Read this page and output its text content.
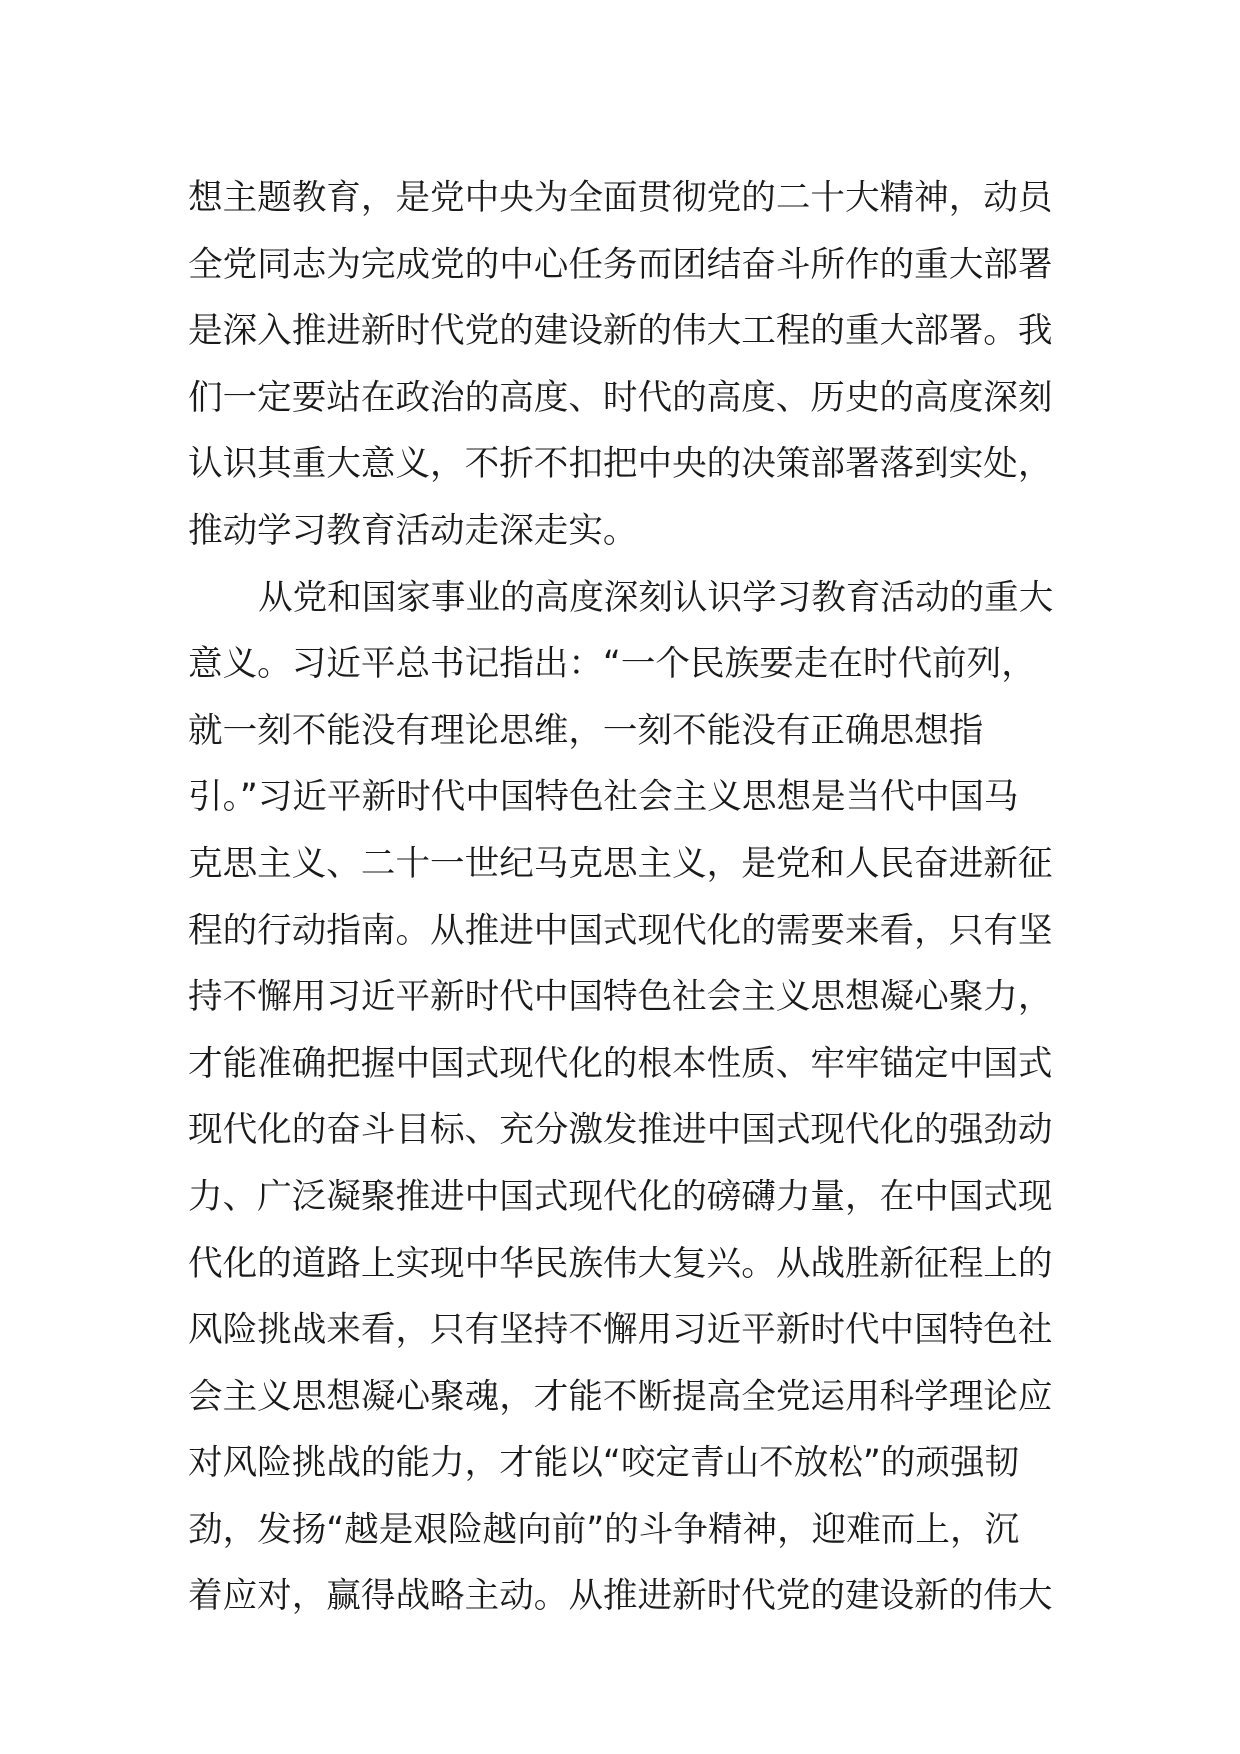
想主题教育，是党中央为全面贯彻党的二十大精神，动员
全党同志为完成党的中心任务而团结奋斗所作的重大部署
是深入推进新时代党的建设新的伟大工程的重大部署。我
们一定要站在政治的高度、时代的高度、历史的高度深刻
认识其重大意义，不折不扣把中央的决策部署落到实处，
推动学习教育活动走深走实。
从党和国家事业的高度深刻认识学习教育活动的重大
意义。习近平总书记指出：“一个民族要走在时代前列，
就一刻不能没有理论思维，一刻不能没有正确思想指
引。”习近平新时代中国特色社会主义思想是当代中国马
克思主义、二十一世纪马克思主义，是党和人民奋进新征
程的行动指南。从推进中国式现代化的需要来看，只有坚
持不懈用习近平新时代中国特色社会主义思想凝心聚力，
才能准确把握中国式现代化的根本性质、牢牢锚定中国式
现代化的奋斗目标、充分激发推进中国式现代化的强劲动
力、广泛凝聚推进中国式现代化的磅礴力量，在中国式现
代化的道路上实现中华民族伟大复兴。从战胜新征程上的
风险挑战来看，只有坚持不懈用习近平新时代中国特色社
会主义思想凝心聚魂，才能不断提高全党运用科学理论应
对风险挑战的能力，才能以“咬定青山不放松”的顽强韧
劲，发扬“越是艰险越向前”的斗争精神，迎难而上，沉
着应对，赢得战略主动。从推进新时代党的建设新的伟大
